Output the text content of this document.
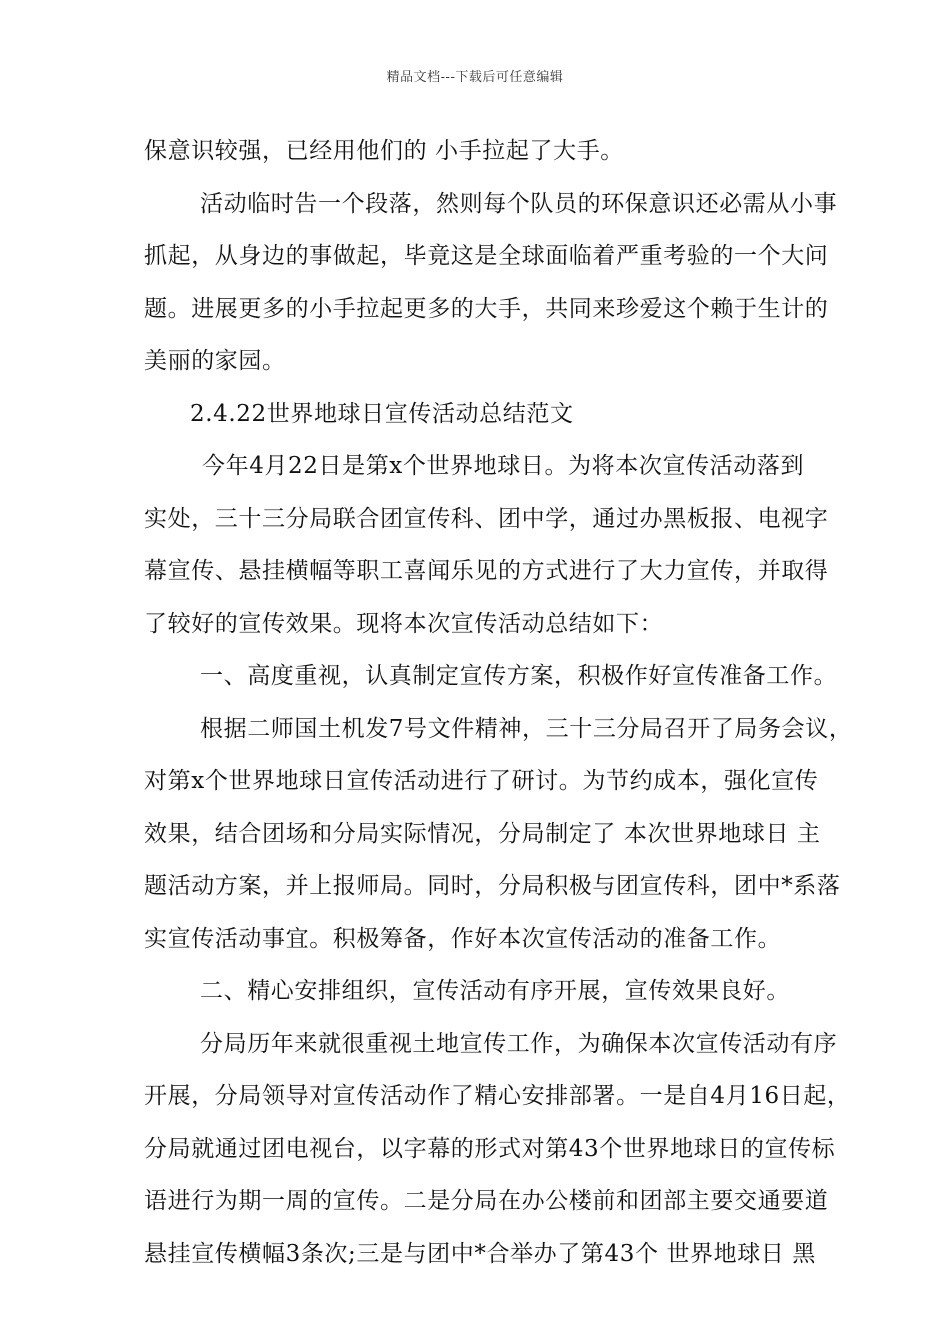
精品文档---下载后可任意编辑
保意识较强，已经用他们的 小手拉起了大手。
活动临时告一个段落，然则每个队员的环保意识还必需从小事
抓起，从身边的事做起，毕竟这是全球面临着严重考验的一个大问
题。进展更多的小手拉起更多的大手，共同来珍爱这个赖于生计的
美丽的家园。
2.4.22世界地球日宣传活动总结范文
今年4月22日是第x个世界地球日。为将本次宣传活动落到
实处，三十三分局联合团宣传科、团中学，通过办黑板报、电视字
幕宣传、悬挂横幅等职工喜闻乐见的方式进行了大力宣传，并取得
了较好的宣传效果。现将本次宣传活动总结如下：
一、高度重视，认真制定宣传方案，积极作好宣传准备工作。
根据二师国土机发7号文件精神，三十三分局召开了局务会议，
对第x个世界地球日宣传活动进行了研讨。为节约成本，强化宣传
效果，结合团场和分局实际情况，分局制定了 本次世界地球日 主
题活动方案，并上报师局。同时，分局积极与团宣传科，团中*系落
实宣传活动事宜。积极筹备，作好本次宣传活动的准备工作。
二、精心安排组织，宣传活动有序开展，宣传效果良好。
分局历年来就很重视土地宣传工作，为确保本次宣传活动有序
开展，分局领导对宣传活动作了精心安排部署。一是自4月16日起，
分局就通过团电视台，以字幕的形式对第43个世界地球日的宣传标
语进行为期一周的宣传。二是分局在办公楼前和团部主要交通要道
悬挂宣传横幅3条次;三是与团中*合举办了第43个 世界地球日 黑
